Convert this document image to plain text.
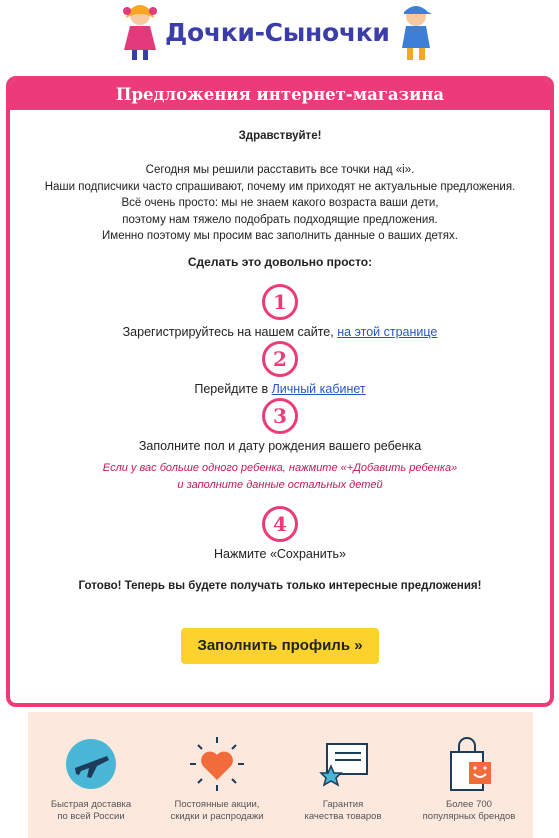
Дочки-Сыночки
Предложения интернет-магазина
Здравствуйте!
Сегодня мы решили расставить все точки над «i».
Наши подписчики часто спрашивают, почему им приходят не актуальные предложения.
Всё очень просто: мы не знаем какого возраста ваши дети,
поэтому нам тяжело подобрать подходящие предложения.
Именно поэтому мы просим вас заполнить данные о ваших детях.
Сделать это довольно просто:
1
Зарегистрируйтесь на нашем сайте, на этой странице
2
Перейдите в Личный кабинет
3
Заполните пол и дату рождения вашего ребенка
Если у вас больше одного ребенка, нажмите «+Добавить ребенка»
и заполните данные остальных детей
4
Нажмите «Сохранить»
Готово! Теперь вы будете получать только интересные предложения!
Заполнить профиль »
Быстрая доставка
по всей России
Постоянные акции,
скидки и распродажи
Гарантия
качества товаров
Более 700
популярных брендов
